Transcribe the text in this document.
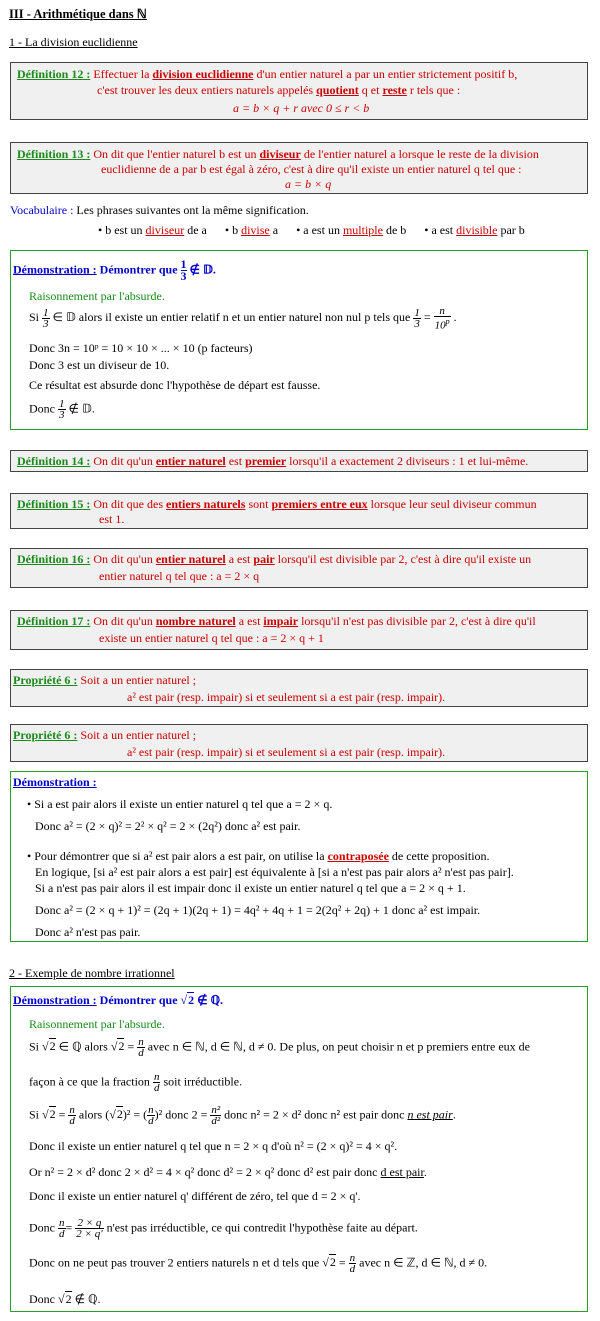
III - Arithmétique dans ℕ
1 - La division euclidienne
Définition 12 : Effectuer la division euclidienne d'un entier naturel a par un entier strictement positif b,
c'est trouver les deux entiers naturels appelés quotient q et reste r tels que :
a = b × q + r avec 0 ≤ r < b
Définition 13 : On dit que l'entier naturel b est un diviseur de l'entier naturel a lorsque le reste de la division
euclidienne de a par b est égal à zéro, c'est à dire qu'il existe un entier naturel q tel que :
a = b × q
Vocabulaire : Les phrases suivantes ont la même signification.
• b est un diviseur de a      • b divise a      • a est un multiple de b      • a est divisible par b
Démonstration : Démontrer que $\frac{1}{3}$ ∉ 𝔻.
Raisonnement par l'absurde.
Si $\frac{1}{3}$ ∈ 𝔻 alors il existe un entier relatif n et un entier naturel non nul p tels que $\frac{1}{3} = \frac{n}{10^p}$ .
Donc 3n = 10ᵖ = 10 × 10 × ... × 10 (p facteurs)
Donc 3 est un diviseur de 10.
Ce résultat est absurde donc l'hypothèse de départ est fausse.
Donc $\frac{1}{3}$ ∉ 𝔻.
Définition 14 : On dit qu'un entier naturel est premier lorsqu'il a exactement 2 diviseurs : 1 et lui-même.
Définition 15 : On dit que des entiers naturels sont premiers entre eux lorsque leur seul diviseur commun
est 1.
Définition 16 : On dit qu'un entier naturel a est pair lorsqu'il est divisible par 2, c'est à dire qu'il existe un
entier naturel q tel que : a = 2 × q
Définition 17 : On dit qu'un nombre naturel a est impair lorsqu'il n'est pas divisible par 2, c'est à dire qu'il
existe un entier naturel q tel que : a = 2 × q + 1
Propriété 6 : Soit a un entier naturel ;
a² est pair (resp. impair) si et seulement si a est pair (resp. impair).
Propriété 6 : Soit a un entier naturel ;
a² est pair (resp. impair) si et seulement si a est pair (resp. impair).
Démonstration :
• Si a est pair alors il existe un entier naturel q tel que a = 2 × q.
Donc a² = (2 × q)² = 2² × q² = 2 × (2q²) donc a² est pair.
• Pour démontrer que si a² est pair alors a est pair, on utilise la contraposée de cette proposition.
En logique, [si a² est pair alors a est pair] est équivalente à [si a n'est pas pair alors a² n'est pas pair].
Si a n'est pas pair alors il est impair donc il existe un entier naturel q tel que a = 2 × q + 1.
Donc a² = (2 × q + 1)² = (2q + 1)(2q + 1) = 4q² + 4q + 1 = 2(2q² + 2q) + 1 donc a² est impair.
Donc a² n'est pas pair.
2 - Exemple de nombre irrationnel
Démonstration : Démontrer que √2 ∉ ℚ.
Raisonnement par l'absurde.
Si √2 ∈ ℚ alors $√2 = \frac{n}{d}$ avec n ∈ ℕ, d ∈ ℕ, d ≠ 0. De plus, on peut choisir n et p premiers entre eux de
façon à ce que la fraction $\frac{n}{d}$ soit irréductible.
Si $√2 = \frac{n}{d}$ alors (√2)² = ( $\frac{n}{d} )^2$ donc $2 = \frac{\text{n²}}{\text{d²}}$ donc n² = 2 × d² donc n² est pair donc n est pair.
Donc il existe un entier naturel q tel que n = 2 × q d'où n² = (2 × q)² = 4 × q².
Or n² = 2 × d² donc 2 × d² = 4 × q² donc d² = 2 × q² donc d² est pair donc d est pair.
Donc il existe un entier naturel q' différent de zéro, tel que d = 2 × q'.
Donc $\frac{n}{d} = \frac{2 \times q}{2 \times q'} n'est$ pas irréductible, ce qui contredit l'hypothèse faite au départ.
Donc on ne peut pas trouver 2 entiers naturels n et d tels que $√2 = \frac{n}{d}$ avec n ∈ ℤ, d ∈ ℕ, d ≠ 0.
Donc √2 ∉ ℚ.
